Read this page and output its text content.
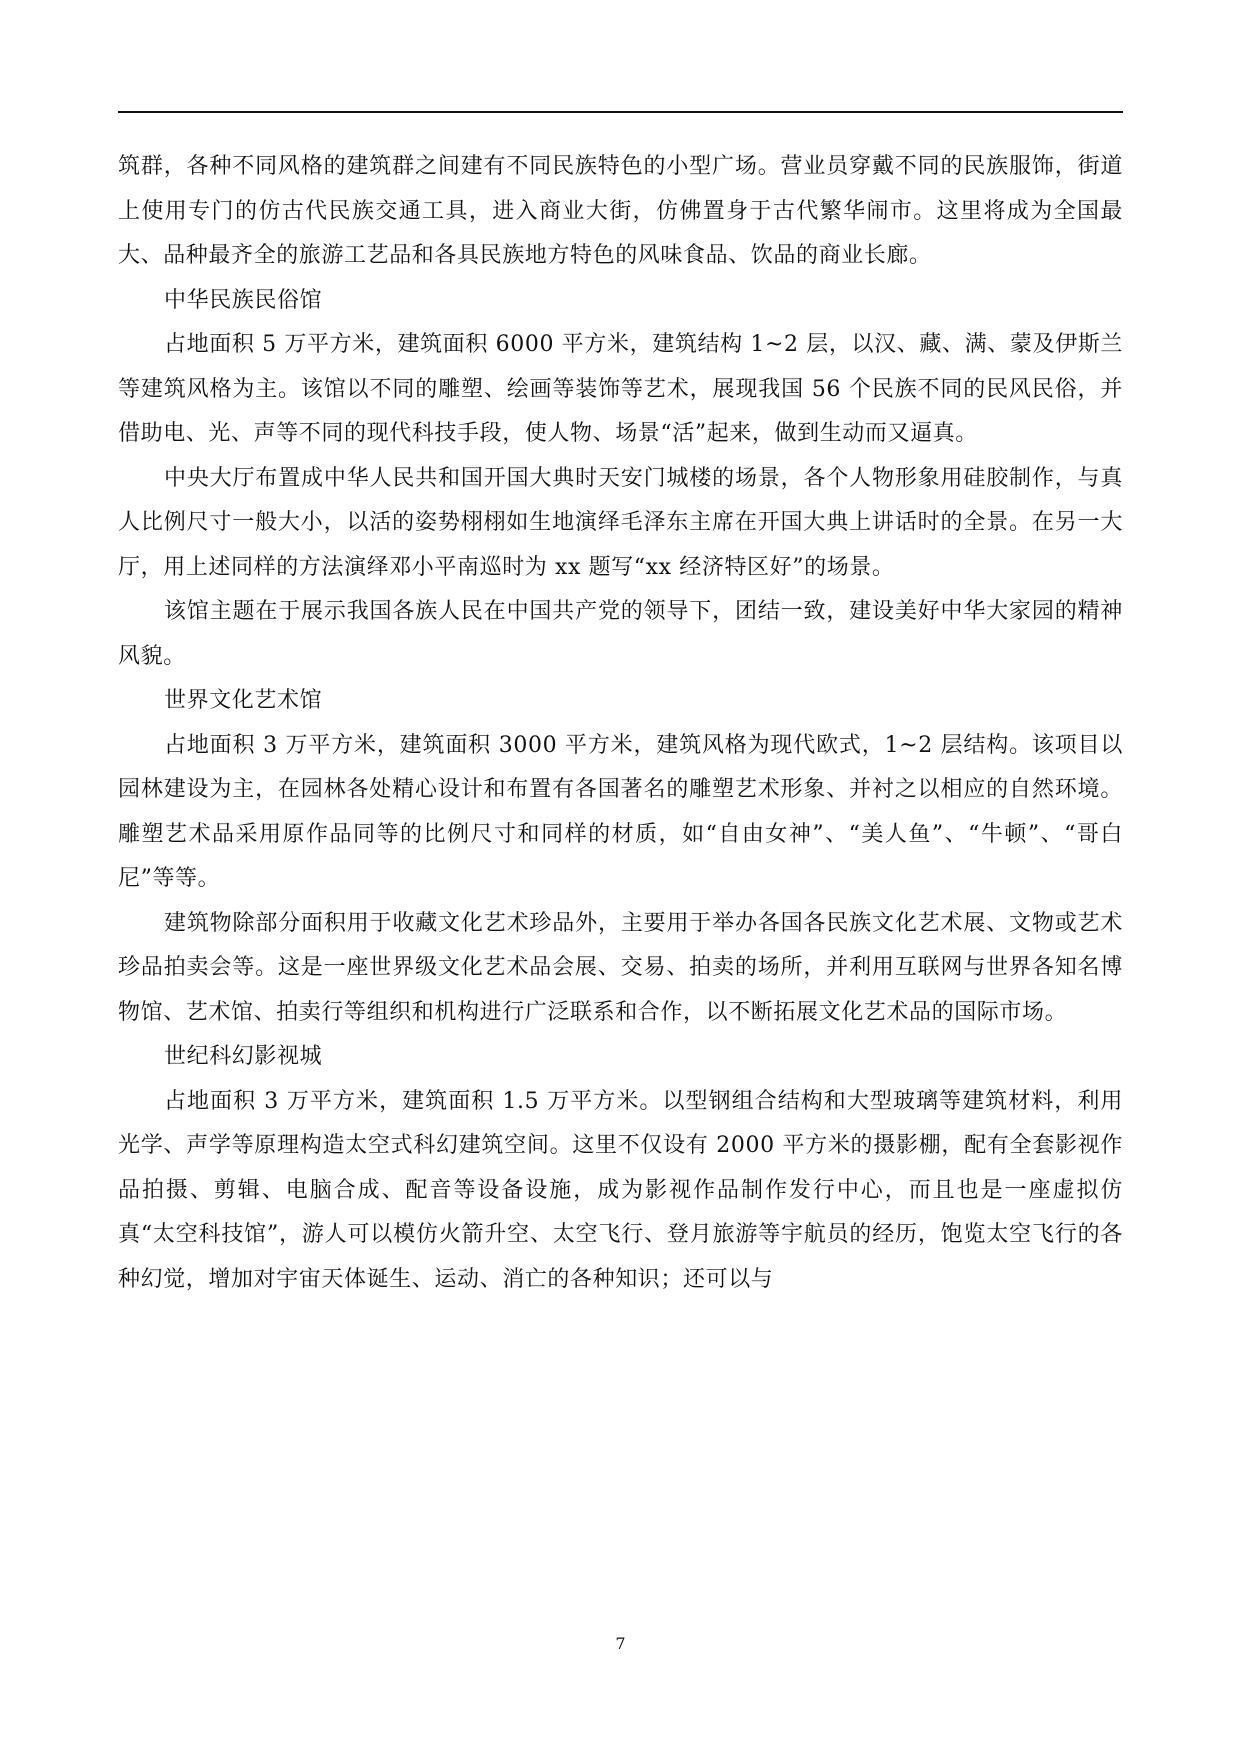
筑群，各种不同风格的建筑群之间建有不同民族特色的小型广场。营业员穿戴不同的民族服饰，街道上使用专门的仿古代民族交通工具，进入商业大街，仿佛置身于古代繁华闹市。这里将成为全国最大、品种最齐全的旅游工艺品和各具民族地方特色的风味食品、饮品的商业长廊。

中华民族民俗馆

占地面积 5 万平方米，建筑面积 6000 平方米，建筑结构 1~2 层，以汉、藏、满、蒙及伊斯兰等建筑风格为主。该馆以不同的雕塑、绘画等装饰等艺术，展现我国 56 个民族不同的民风民俗，并借助电、光、声等不同的现代科技手段，使人物、场景“活”起来，做到生动而又逼真。

中央大厅布置成中华人民共和国开国大典时天安门城楼的场景，各个人物形象用硅胶制作，与真人比例尺寸一般大小，以活的姿势栩栩如生地演绎毛泽东主席在开国大典上讲话时的全景。在另一大厅，用上述同样的方法演绎邓小平南巡时为 xx 题写“xx 经济特区好”的场景。

该馆主题在于展示我国各族人民在中国共产党的领导下，团结一致，建设美好中华大家园的精神风貌。

世界文化艺术馆

占地面积 3 万平方米，建筑面积 3000 平方米，建筑风格为现代欧式，1~2 层结构。该项目以园林建设为主，在园林各处精心设计和布置有各国著名的雕塑艺术形象、并衬之以相应的自然环境。雕塑艺术品采用原作品同等的比例尺寸和同样的材质，如“自由女神”、“美人鱼”、“牛顿”、“哥白尼”等等。

建筑物除部分面积用于收藏文化艺术珍品外，主要用于举办各国各民族文化艺术展、文物或艺术珍品拍卖会等。这是一座世界级文化艺术品会展、交易、拍卖的场所，并利用互联网与世界各知名博物馆、艺术馆、拍卖行等组织和机构进行广泛联系和合作，以不断拓展文化艺术品的国际市场。

世纪科幻影视城

占地面积 3 万平方米，建筑面积 1.5 万平方米。以型钢组合结构和大型玻璃等建筑材料，利用光学、声学等原理构造太空式科幻建筑空间。这里不仅设有 2000 平方米的摄影棚，配有全套影视作品拍摄、剪辑、电脑合成、配音等设备设施，成为影视作品制作发行中心，而且也是一座虚拟仿真“太空科技馆”，游人可以模仿火箭升空、太空飞行、登月旅游等宇航员的经历，饱览太空飞行的各种幻觉，增加对宇宙天体诞生、运动、消亡的各种知识；还可以与

7
